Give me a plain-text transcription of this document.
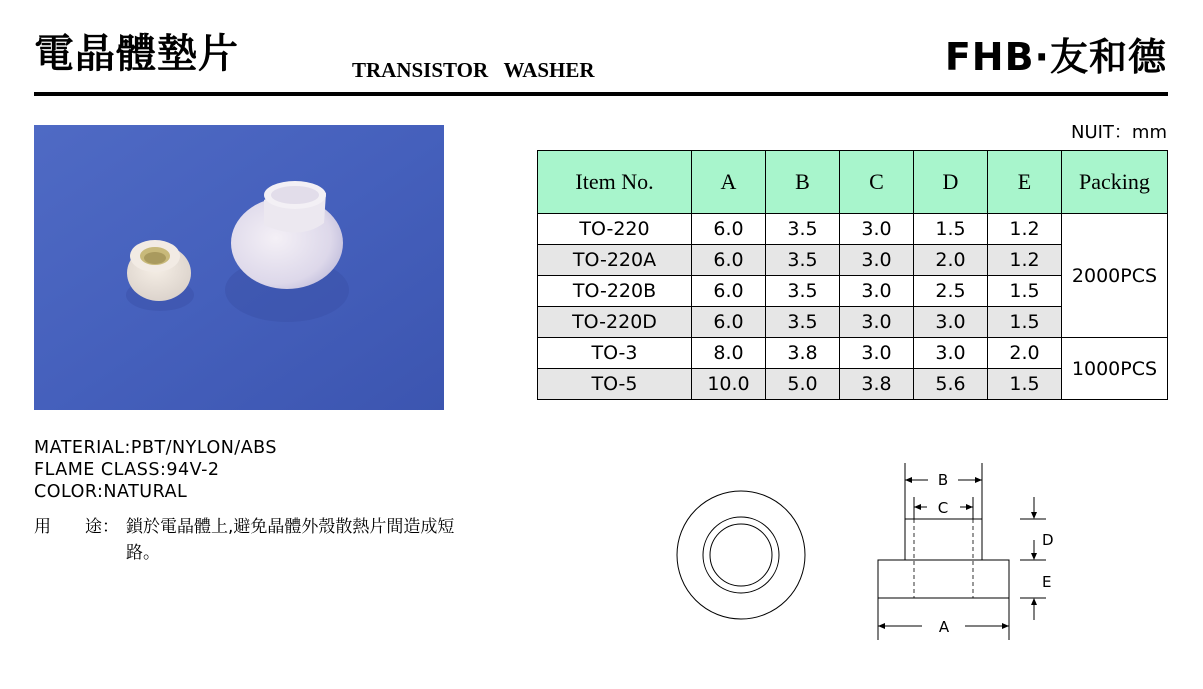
電晶體墊片	TRANSISTOR   WASHER	FHB·友和德
NUIT：mm
Item No.	A	B	C	D	E	Packing
TO-220	6.0	3.5	3.0	1.5	1.2	2000PCS
TO-220A	6.0	3.5	3.0	2.0	1.2	
TO-220B	6.0	3.5	3.0	2.5	1.5	
TO-220D	6.0	3.5	3.0	3.0	1.5	
TO-3	8.0	3.8	3.0	3.0	2.0	1000PCS
TO-5	10.0	5.0	3.8	5.6	1.5	
MATERIAL:PBT/NYLON/ABS
FLAME CLASS:94V-2
COLOR:NATURAL
用　　途： 鎖於電晶體上,避免晶體外殼散熱片間造成短路。
B
C
A
D
E
